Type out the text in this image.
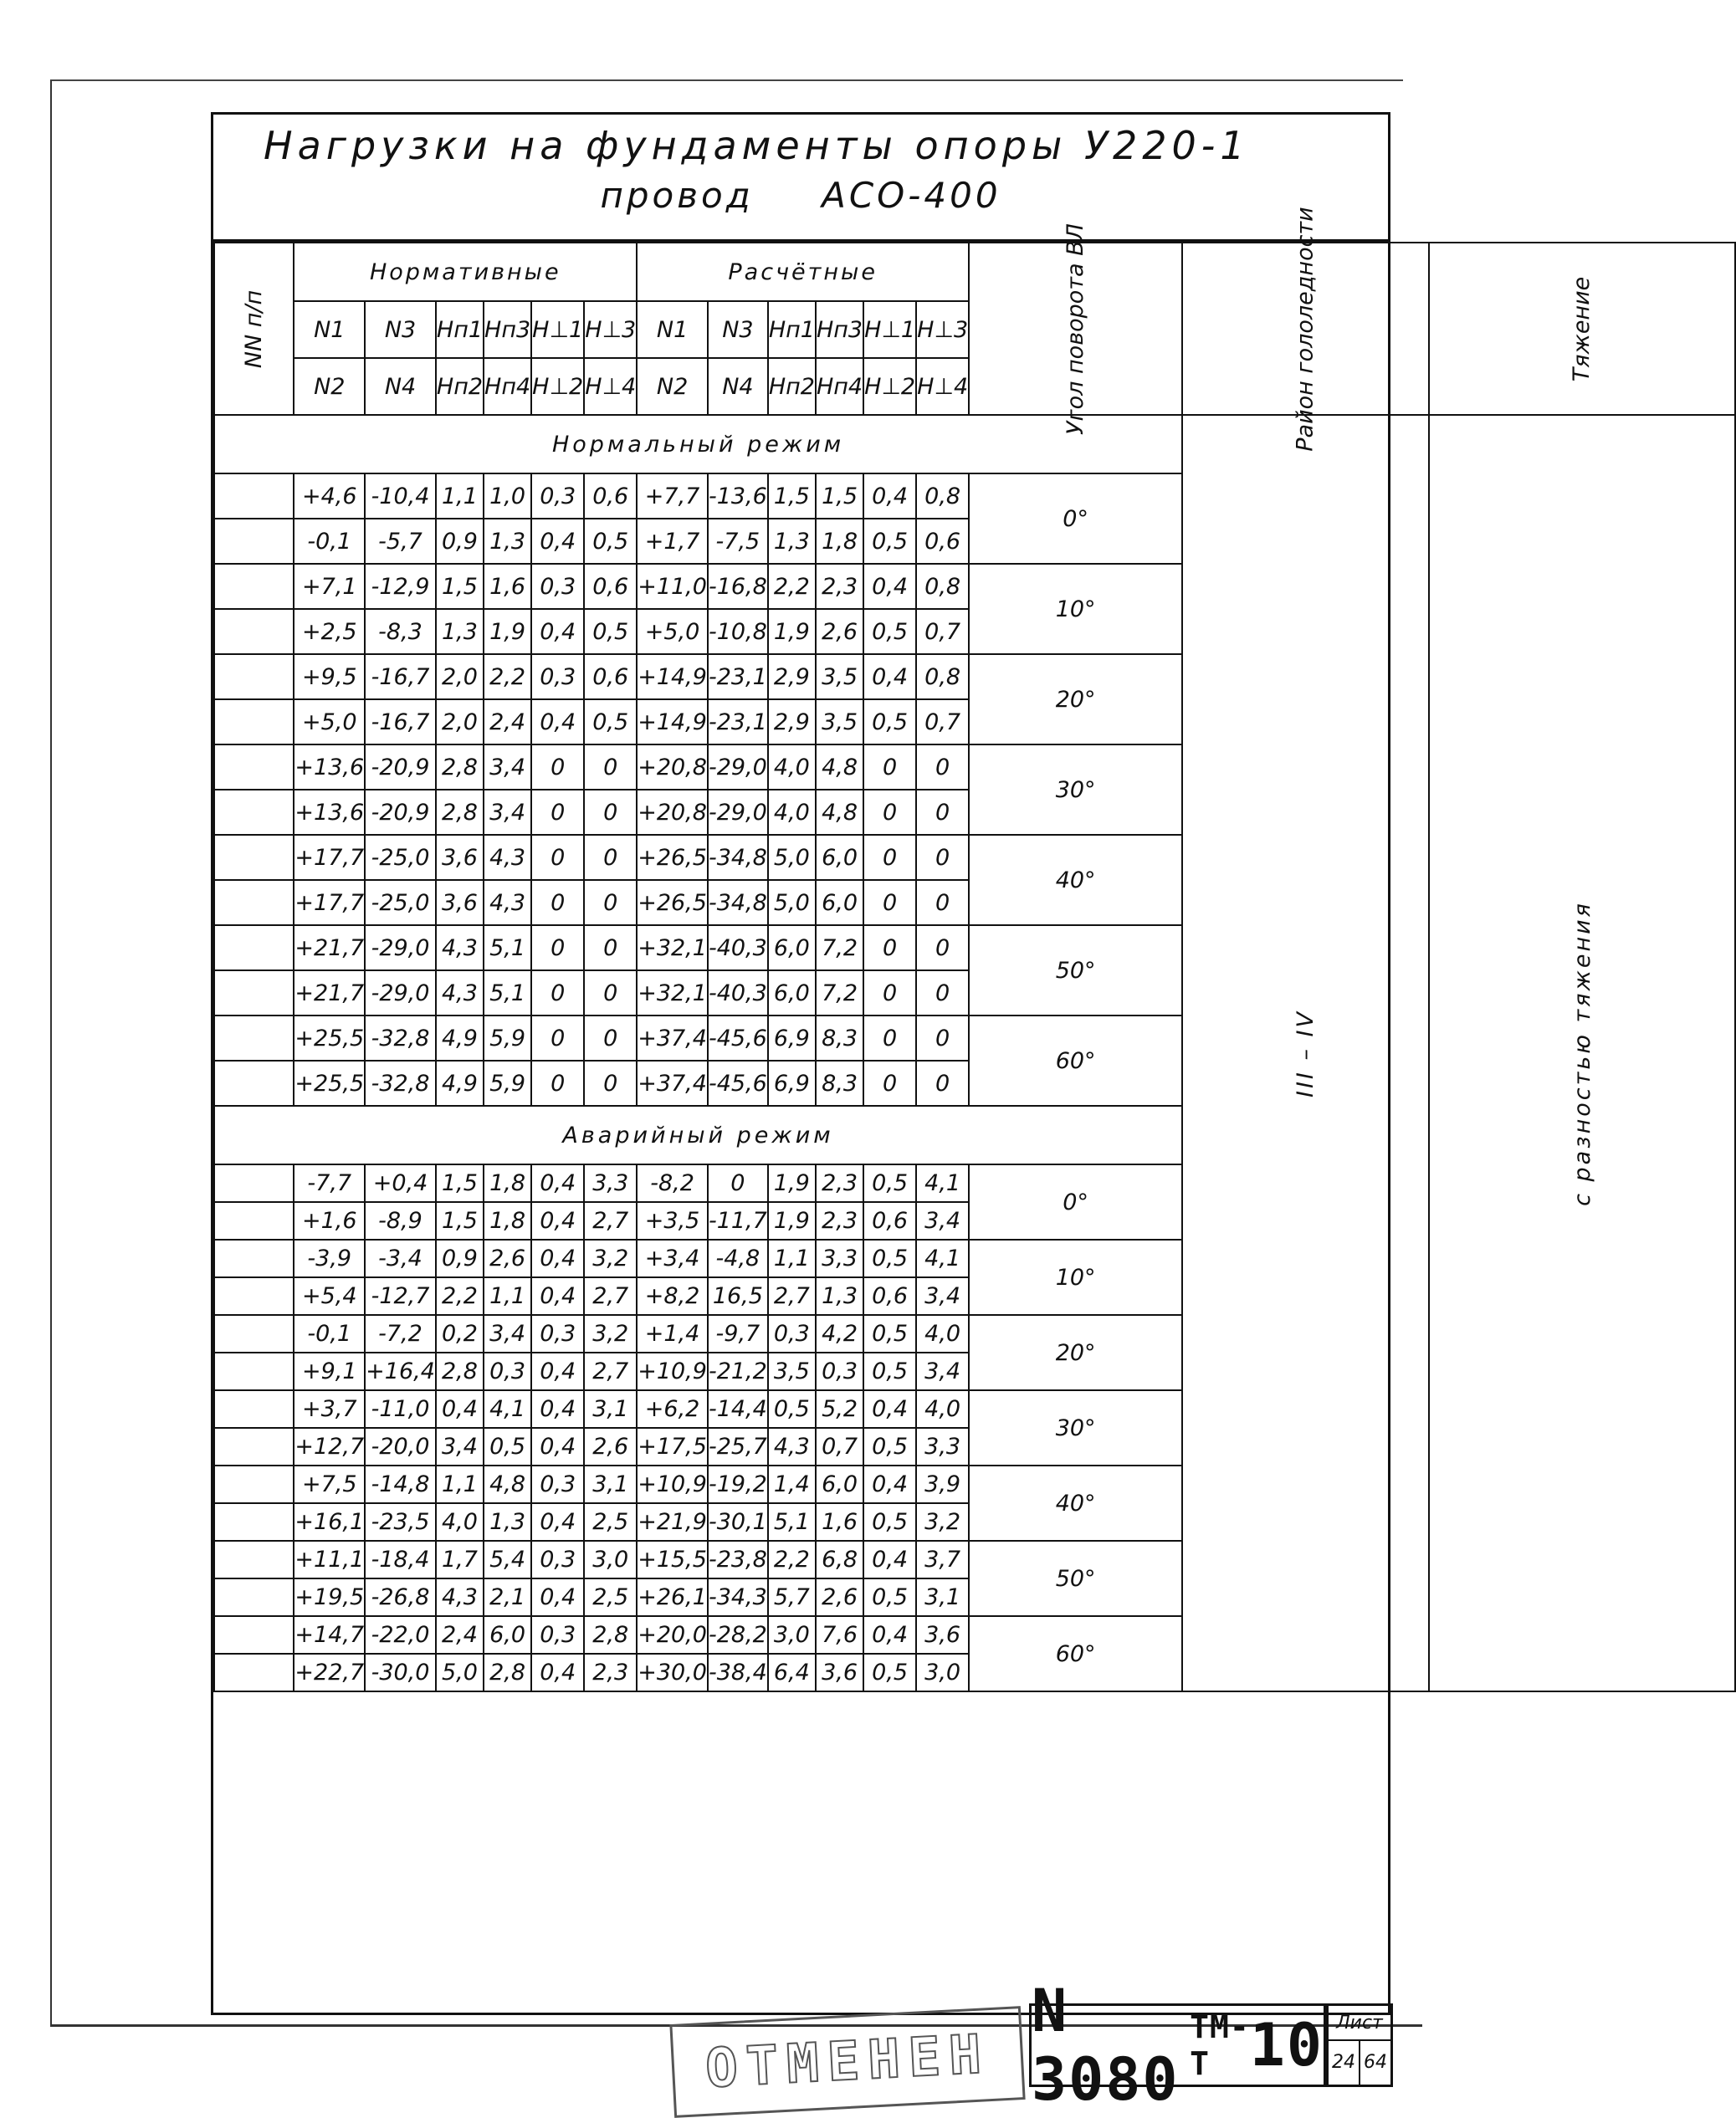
Нагрузки на фундаменты опоры У220-1
провод АСО-400
NN п/п	Нормативные						Расчётные						Угол поворота ВЛ	Район гололедности	Тяжение
	N1	N3	Hп1	Hп3	H⊥1	H⊥3	N1	N3	Hп1	Hп3	H⊥1	H⊥3			
	N2	N4	Hп2	Hп4	H⊥2	H⊥4	N2	N4	Hп2	Hп4	H⊥2	H⊥4			
Нормальный режим														III – IV	с разностью тяжения
	+4,6	-10,4	1,1	1,0	0,3	0,6	+7,7	-13,6	1,5	1,5	0,4	0,8	0°		
	-0,1	-5,7	0,9	1,3	0,4	0,5	+1,7	-7,5	1,3	1,8	0,5	0,6			
	+7,1	-12,9	1,5	1,6	0,3	0,6	+11,0	-16,8	2,2	2,3	0,4	0,8	10°		
	+2,5	-8,3	1,3	1,9	0,4	0,5	+5,0	-10,8	1,9	2,6	0,5	0,7			
	+9,5	-16,7	2,0	2,2	0,3	0,6	+14,9	-23,1	2,9	3,5	0,4	0,8	20°		
	+5,0	-16,7	2,0	2,4	0,4	0,5	+14,9	-23,1	2,9	3,5	0,5	0,7			
	+13,6	-20,9	2,8	3,4	0	0	+20,8	-29,0	4,0	4,8	0	0	30°		
	+13,6	-20,9	2,8	3,4	0	0	+20,8	-29,0	4,0	4,8	0	0			
	+17,7	-25,0	3,6	4,3	0	0	+26,5	-34,8	5,0	6,0	0	0	40°		
	+17,7	-25,0	3,6	4,3	0	0	+26,5	-34,8	5,0	6,0	0	0			
	+21,7	-29,0	4,3	5,1	0	0	+32,1	-40,3	6,0	7,2	0	0	50°		
	+21,7	-29,0	4,3	5,1	0	0	+32,1	-40,3	6,0	7,2	0	0			
	+25,5	-32,8	4,9	5,9	0	0	+37,4	-45,6	6,9	8,3	0	0	60°		
	+25,5	-32,8	4,9	5,9	0	0	+37,4	-45,6	6,9	8,3	0	0			
Аварийный режим															
	-7,7	+0,4	1,5	1,8	0,4	3,3	-8,2	0	1,9	2,3	0,5	4,1	0°		
	+1,6	-8,9	1,5	1,8	0,4	2,7	+3,5	-11,7	1,9	2,3	0,6	3,4			
	-3,9	-3,4	0,9	2,6	0,4	3,2	+3,4	-4,8	1,1	3,3	0,5	4,1	10°		
	+5,4	-12,7	2,2	1,1	0,4	2,7	+8,2	16,5	2,7	1,3	0,6	3,4			
	-0,1	-7,2	0,2	3,4	0,3	3,2	+1,4	-9,7	0,3	4,2	0,5	4,0	20°		
	+9,1	+16,4	2,8	0,3	0,4	2,7	+10,9	-21,2	3,5	0,3	0,5	3,4			
	+3,7	-11,0	0,4	4,1	0,4	3,1	+6,2	-14,4	0,5	5,2	0,4	4,0	30°		
	+12,7	-20,0	3,4	0,5	0,4	2,6	+17,5	-25,7	4,3	0,7	0,5	3,3			
	+7,5	-14,8	1,1	4,8	0,3	3,1	+10,9	-19,2	1,4	6,0	0,4	3,9	40°		
	+16,1	-23,5	4,0	1,3	0,4	2,5	+21,9	-30,1	5,1	1,6	0,5	3,2			
	+11,1	-18,4	1,7	5,4	0,3	3,0	+15,5	-23,8	2,2	6,8	0,4	3,7	50°		
	+19,5	-26,8	4,3	2,1	0,4	2,5	+26,1	-34,3	5,7	2,6	0,5	3,1			
	+14,7	-22,0	2,4	6,0	0,3	2,8	+20,0	-28,2	3,0	7,6	0,4	3,6	60°		
	+22,7	-30,0	5,0	2,8	0,4	2,3	+30,0	-38,4	6,4	3,6	0,5	3,0			
ОТМЕНЕН
N 3080
ТМ-Т 10 Лист
24 64
